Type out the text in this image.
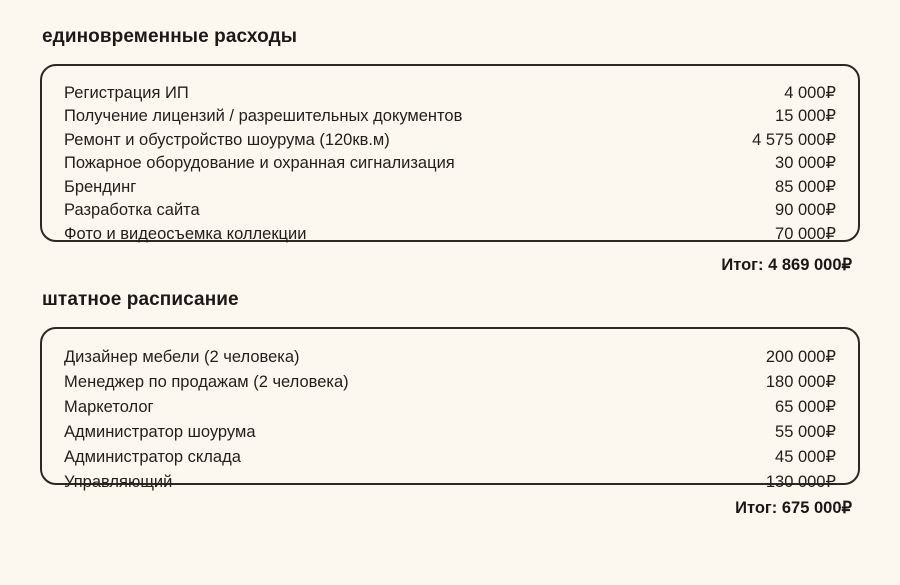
единовременные расходы
Регистрация ИП	4 000₽
Получение лицензий / разрешительных документов	15 000₽
Ремонт и обустройство шоурума (120кв.м)	4 575 000₽
Пожарное оборудование и охранная сигнализация	30 000₽
Брендинг	85 000₽
Разработка сайта	90 000₽
Фото и видеосъемка коллекции	70 000₽
Итог: 4 869 000₽
штатное расписание
Дизайнер мебели (2 человека)	200 000₽
Менеджер по продажам (2 человека)	180 000₽
Маркетолог	65 000₽
Администратор шоурума	55 000₽
Администратор склада	45 000₽
Управляющий	130 000₽
Итог: 675 000₽
